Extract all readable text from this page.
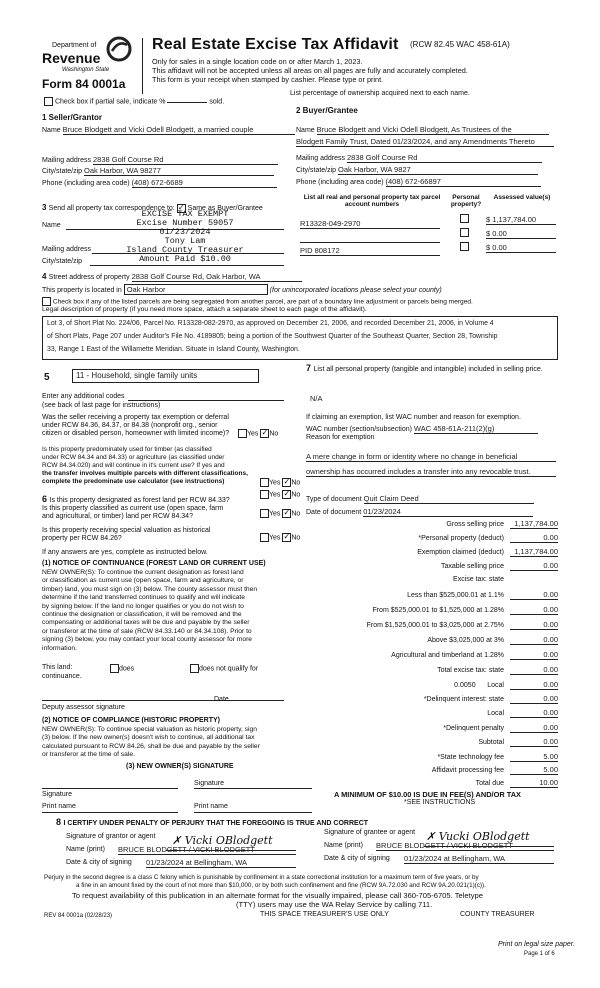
Department of
Revenue
Washington State
Form 84 0001a
Real Estate Excise Tax Affidavit (RCW 82.45 WAC 458-61A)
Only for sales in a single location code on or after March 1, 2023.
This affidavit will not be accepted unless all areas on all pages are fully and accurately completed.
This form is your receipt when stamped by cashier. Please type or print.
Check box if partial sale, indicate %	sold.
List percentage of ownership acquired next to each name.
1 Seller/Grantor
Name Bruce Blodgett and Vicki Odell Blodgett, a married couple
Mailing address 2838 Golf Course Rd
City/state/zip Oak Harbor, WA 98277
Phone (including area code) (408) 672-6689
2 Buyer/Grantee
Name Bruce Blodgett and Vicki Odell Blodgett, As Trustees of the
Blodgett Family Trust, Dated 01/23/2024, and any Amendments Thereto
Mailing address 2838 Golf Course Rd
City/state/zip Oak Harbor, WA 9827
Phone (including area code) (408) 672-66897
3 Send all property tax correspondence to: ✓ Same as Buyer/Grantee
Name
Mailing address
City/state/zip
EXCISE TAX EXEMPT
Excise Number 59057
01/23/2024
Tony Lam
Island County Treasurer
Amount Paid $10.00
List all real and personal property tax parcel account numbers
Personal property?
Assessed value(s)
R13328-049-2970	$ 1,137,784.00
$ 0.00
PID 808172	$ 0.00
4 Street address of property 2838 Golf Course Rd, Oak Harbor, WA
This property is located in Oak Harbor	(for unincorporated locations please select your county)
Check box if any of the listed parcels are being segregated from another parcel, are part of a boundary line adjustment or parcels being merged.
Legal description of property (if you need more space, attach a separate sheet to each page of the affidavit).
Lot 3, of Short Plat No. 224/06, Parcel No. R13328-082-2970, as approved on December 21, 2006, and recorded December 21, 2006, in Volume 4
of Short Plats, Page 207 under Auditor's File No. 4189805; being a portion of the Southwest Quarter of the Southeast Quarter, Section 28, Township
33, Range 1 East of the Willamette Meridian. Situate in Island County, Washington.
5	11 - Household, single family units
Enter any additional codes
(see back of last page for instructions)
Was the seller receiving a property tax exemption or deferral
under RCW 84.36, 84.37, or 84.38 (nonprofit org., senior
citizen or disabled person, homeowner with limited income)?	Yes ✓ No
Is this property predominately used for timber (as classified
under RCW 84.34 and 84.33) or agriculture (as classified under
RCW 84.34.020) and will continue in it's current use? If yes and
the transfer involves multiple parcels with different classifications,
complete the predominate use calculator (see instructions)	Yes ✓ No
6 Is this property designated as forest land per RCW 84.33?
Yes ✓ No
Is this property classified as current use (open space, farm
and agricultural, or timber) land per RCW 84.34?	Yes ✓ No
Is this property receiving special valuation as historical
property per RCW 84.26?	Yes ✓ No
If any answers are yes, complete as instructed below.
(1) NOTICE OF CONTINUANCE (FOREST LAND OR CURRENT USE)
NEW OWNER(S): To continue the current designation as forest land
or classification as current use (open space, farm and agriculture, or
timber) land, you must sign on (3) below. The county assessor must then
determine if the land transferred continues to qualify and will indicate
by signing below. If the land no longer qualifies or you do not wish to
continue the designation or classification, it will be removed and the
compensating or additional taxes will be due and payable by the seller
or transferor at the time of sale (RCW 84.33.140 or 84.34.108). Prior to
signing (3) below, you may contact your local county assessor for more
information.
This land:
continuance.
does	does not qualify for
Deputy assessor signature
Date
(2) NOTICE OF COMPLIANCE (HISTORIC PROPERTY)
NEW OWNER(S): To continue special valuation as historic property, sign
(3) below. If the new owner(s) doesn't wish to continue, all additional tax
calculated pursuant to RCW 84.26, shall be due and payable by the seller
or transferor at the time of sale.
(3) NEW OWNER(S) SIGNATURE
Signature
Signature
Print name	Print name
7 List all personal property (tangible and intangible) included in selling price.
N/A
If claiming an exemption, list WAC number and reason for exemption.
WAC number (section/subsection) WAC 458-61A-211(2)(g)
Reason for exemption
A mere change in form or identity where no change in beneficial
ownership has occurred includes a transfer into any revocable trust.
Type of document Quit Claim Deed
Date of document 01/23/2024
Gross selling price 1,137,784.00
*Personal property (deduct)	0.00
Exemption claimed (deduct) 1,137,784.00
Taxable selling price	0.00
Excise tax: state
Less than $525,000.01 at 1.1%	0.00
From $525,000.01 to $1,525,000 at 1.28%	0.00
From $1,525,000.01 to $3,025,000 at 2.75%	0.00
Above $3,025,000 at 3%	0.00
Agricultural and timberland at 1.28%	0.00
Total excise tax: state	0.00
0.0050      Local	0.00
*Delinquent interest: state	0.00
Local	0.00
*Delinquent penalty	0.00
Subtotal	0.00
*State technology fee	5.00
Affidavit processing fee	5.00
Total due	10.00
A MINIMUM OF $10.00 IS DUE IN FEE(S) AND/OR TAX
*SEE INSTRUCTIONS
8 I CERTIFY UNDER PENALTY OF PERJURY THAT THE FOREGOING IS TRUE AND CORRECT
Signature of grantor or agent ✗ Vicki OBlodgett
Name (print) BRUCE BLODGETT / VICKI BLODGETT
Date & city of signing 01/23/2024 at Bellingham, WA
Signature of grantee or agent ✗ Vucki OBlodgett
Name (print) BRUCE BLODGETT / VICKI BLODGETT
Date & city of signing 01/23/2024 at Bellingham, WA
Perjury in the second degree is a class C felony which is punishable by confinement in a state correctional institution for a maximum term of five years, or by
a fine in an amount fixed by the court of not more than $10,000, or by both such confinement and fine (RCW 9A.72.030 and RCW 9A.20.021(1)(c)).
To request availability of this publication in an alternate format for the visually impaired, please call 360-705-6705. Teletype
(TTY) users may use the WA Relay Service by calling 711.
REV 84 0001a (02/28/23)	THIS SPACE TREASURER'S USE ONLY	COUNTY TREASURER
Print on legal size paper.
Page 1 of 6
